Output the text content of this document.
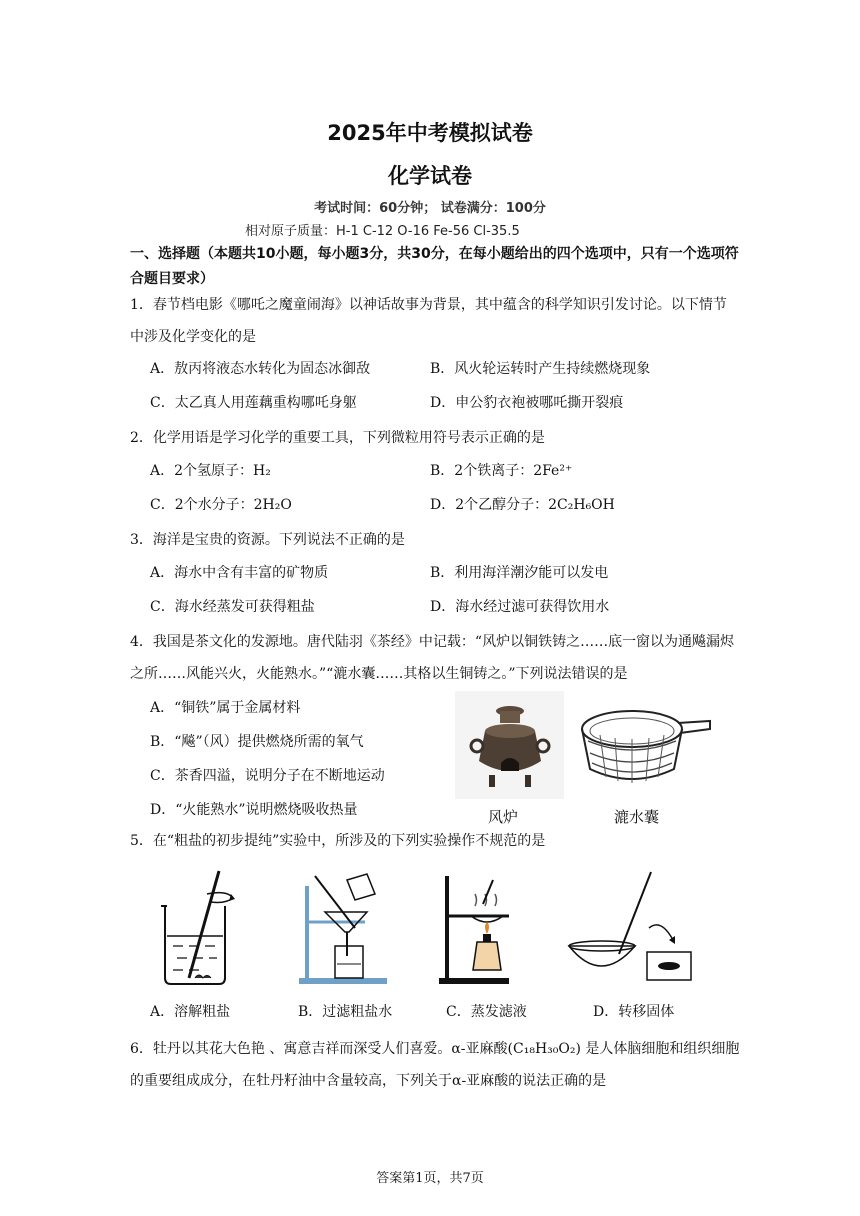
2025年中考模拟试卷
化学试卷
考试时间：60分钟； 试卷满分：100分
相对原子质量：H-1 C-12 O-16 Fe-56 Cl-35.5
一、选择题（本题共10小题，每小题3分，共30分，在每小题给出的四个选项中，只有一个选项符合题目要求）
1．春节档电影《哪吒之魔童闹海》以神话故事为背景，其中蕴含的科学知识引发讨论。以下情节中涉及化学变化的是
A．敖丙将液态水转化为固态冰御敌	B．风火轮运转时产生持续燃烧现象
C．太乙真人用莲藕重构哪吒身躯	D．申公豹衣袍被哪吒撕开裂痕
2．化学用语是学习化学的重要工具，下列微粒用符号表示正确的是
A．2个氢原子：H₂	B．2个铁离子：2Fe²⁺
C．2个水分子：2H₂O	D．2个乙醇分子：2C₂H₆OH
3．海洋是宝贵的资源。下列说法不正确的是
A．海水中含有丰富的矿物质	B．利用海洋潮汐能可以发电
C．海水经蒸发可获得粗盐	D．海水经过滤可获得饮用水
4．我国是茶文化的发源地。唐代陆羽《茶经》中记载：“风炉以铜铁铸之……底一窗以为通飚漏烬之所……风能兴火，火能熟水。”“漉水囊……其格以生铜铸之。”下列说法错误的是
A．“铜铁”属于金属材料
B．“飚”（风）提供燃烧所需的氧气
C．茶香四溢，说明分子在不断地运动
D．“火能熟水”说明燃烧吸收热量	风炉	漉水囊
5．在“粗盐的初步提纯”实验中，所涉及的下列实验操作不规范的是
A．溶解粗盐	B．过滤粗盐水	C．蒸发滤液	D．转移固体
6．牡丹以其花大色艳 、寓意吉祥而深受人们喜爱。α-亚麻酸(C₁₈H₃₀O₂) 是人体脑细胞和组织细胞的重要组成成分，在牡丹籽油中含量较高，下列关于α-亚麻酸的说法正确的是
答案第1页，共7页
